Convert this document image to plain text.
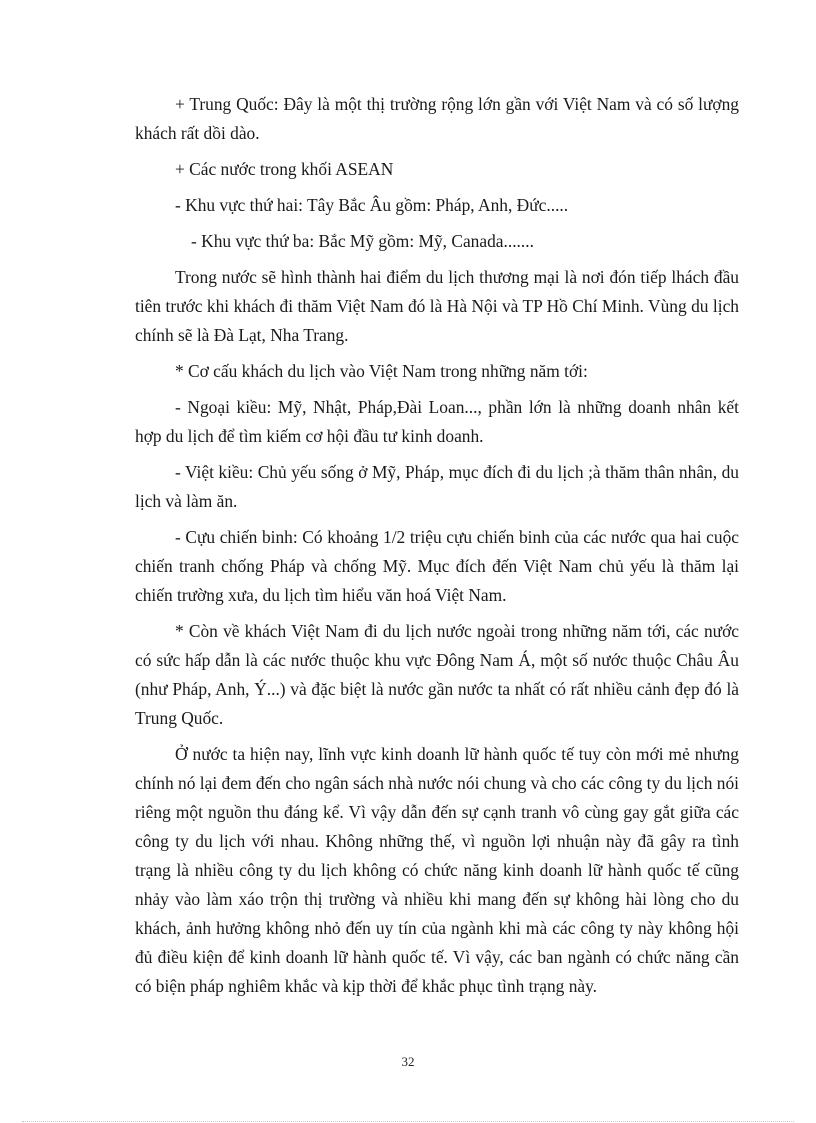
+ Trung Quốc: Đây là một thị trường rộng lớn gần với Việt Nam và có số lượng khách rất dồi dào.

+ Các nước trong khối ASEAN

- Khu vực thứ hai: Tây Bắc Âu gồm: Pháp, Anh, Đức.....

- Khu vực thứ ba: Bắc Mỹ gồm: Mỹ, Canada.......

Trong nước sẽ hình thành hai điểm du lịch thương mại là nơi đón tiếp lhách đầu tiên trước khi khách đi thăm Việt Nam đó là Hà Nội và TP Hồ Chí Minh. Vùng du lịch chính sẽ là Đà Lạt, Nha Trang.

* Cơ cấu khách du lịch vào Việt Nam trong những năm tới:

- Ngoại kiều: Mỹ, Nhật, Pháp,Đài Loan..., phần lớn là những doanh nhân kết hợp du lịch để tìm kiếm cơ hội đầu tư kinh doanh.

- Việt kiều: Chủ yếu sống ở Mỹ, Pháp, mục đích đi du lịch ;à thăm thân nhân, du lịch và làm ăn.

- Cựu chiến binh: Có khoảng 1/2 triệu cựu chiến binh của các nước qua hai cuộc chiến tranh chống Pháp và chống Mỹ. Mục đích đến Việt Nam chủ yếu là thăm lại chiến trường xưa, du lịch tìm hiểu văn hoá Việt Nam.

* Còn về khách Việt Nam đi du lịch nước ngoài trong những năm tới, các nước có sức hấp dẫn là các nước thuộc khu vực Đông Nam Á, một số nước thuộc Châu Âu (như Pháp, Anh, Ý...) và đặc biệt là nước gần nước ta nhất có rất nhiều cảnh đẹp đó là Trung Quốc.

Ở nước ta hiện nay, lĩnh vực kinh doanh lữ hành quốc tế tuy còn mới mẻ nhưng chính nó lại đem đến cho ngân sách nhà nước nói chung và cho các công ty du lịch nói riêng một nguồn thu đáng kể. Vì vậy dẫn đến sự cạnh tranh vô cùng gay gắt giữa các công ty du lịch với nhau. Không những thế, vì nguồn lợi nhuận này đã gây ra tình trạng là nhiều công ty du lịch không có chức năng kinh doanh lữ hành quốc tế cũng nhảy vào làm xáo trộn thị trường và nhiều khi mang đến sự không hài lòng cho du khách, ảnh hưởng không nhỏ đến uy tín của ngành khi mà các công ty này không hội đủ điều kiện để kinh doanh lữ hành quốc tế. Vì vậy, các ban ngành có chức năng cần có biện pháp nghiêm khắc và kịp thời để khắc phục tình trạng này.

32
